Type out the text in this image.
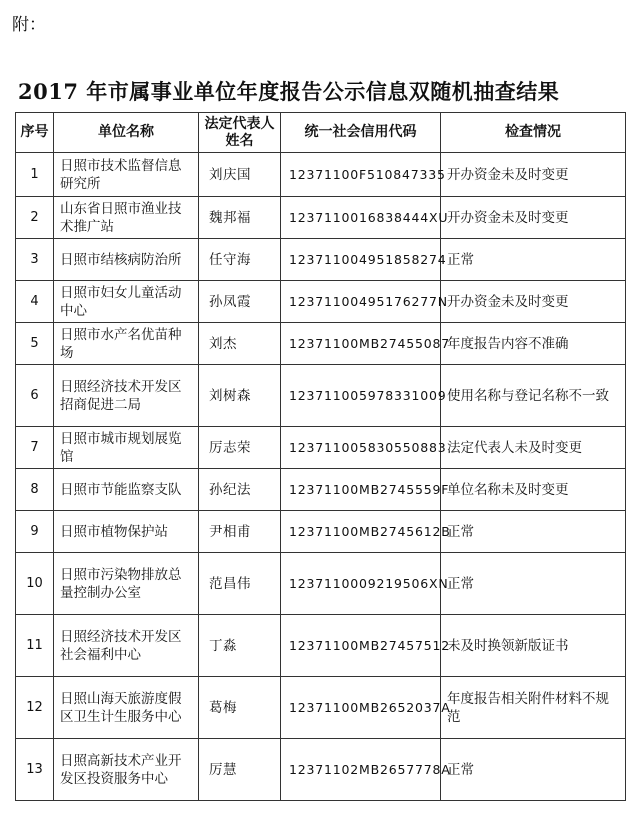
附：
2017 年市属事业单位年度报告公示信息双随机抽查结果
序号	单位名称	法定代表人姓名	统一社会信用代码	检查情况
1	日照市技术监督信息研究所	刘庆国	12371100F510847335	开办资金未及时变更
2	山东省日照市渔业技术推广站	魏邦福	1237110016838444XU	开办资金未及时变更
3	日照市结核病防治所	任守海	123711004951858274	正常
4	日照市妇女儿童活动中心	孙凤霞	12371100495176277N	开办资金未及时变更
5	日照市水产名优苗种场	刘杰	12371100MB27455087	年度报告内容不准确
6	日照经济技术开发区招商促进二局	刘树森	123711005978331009	使用名称与登记名称不一致
7	日照市城市规划展览馆	厉志荣	123711005830550883	法定代表人未及时变更
8	日照市节能监察支队	孙纪法	12371100MB2745559F	单位名称未及时变更
9	日照市植物保护站	尹相甫	12371100MB2745612B	正常
10	日照市污染物排放总量控制办公室	范昌伟	1237110009219506XN	正常
11	日照经济技术开发区社会福利中心	丁淼	12371100MB27457512	未及时换领新版证书
12	日照山海天旅游度假区卫生计生服务中心	葛梅	12371100MB2652037A	年度报告相关附件材料不规范
13	日照高新技术产业开发区投资服务中心	厉慧	12371102MB2657778A	正常
